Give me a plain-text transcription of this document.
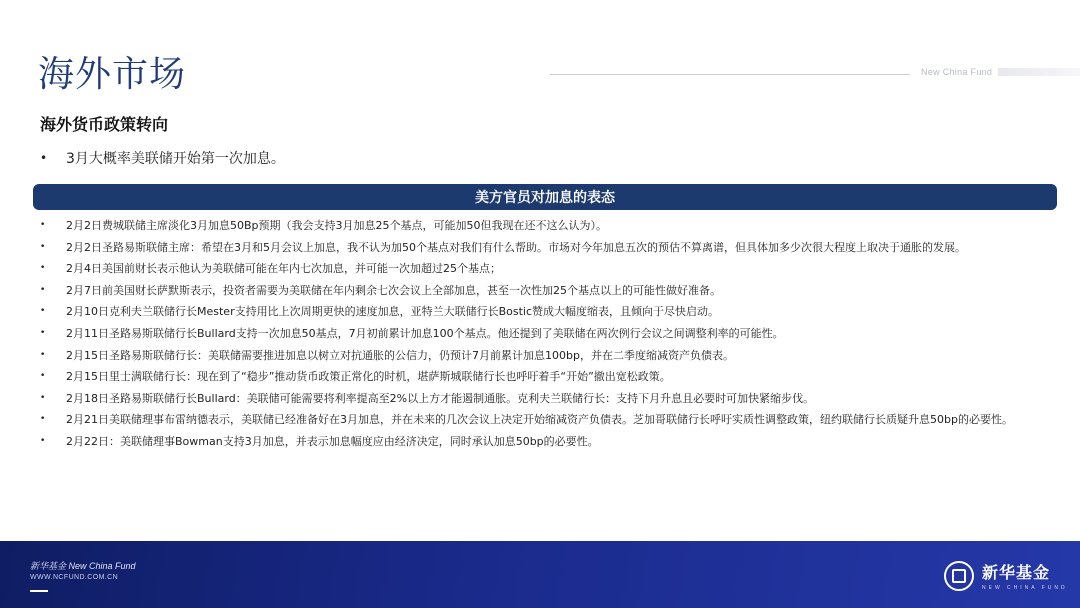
海外市场	New China Fund
海外货币政策转向
•	3月大概率美联储开始第一次加息。
美方官员对加息的表态
•	2月2日费城联储主席淡化3月加息50Bp预期（我会支持3月加息25个基点，可能加50但我现在还不这么认为）。
•	2月2日圣路易斯联储主席：希望在3月和5月会议上加息，我不认为加50个基点对我们有什么帮助。市场对今年加息五次的预估不算离谱，但具体加多少次很大程度上取决于通胀的发展。
•	2月4日美国前财长表示他认为美联储可能在年内七次加息，并可能一次加超过25个基点；
•	2月7日前美国财长萨默斯表示，投资者需要为美联储在年内剩余七次会议上全部加息，甚至一次性加25个基点以上的可能性做好准备。
•	2月10日克利夫兰联储行长Mester支持用比上次周期更快的速度加息，亚特兰大联储行长Bostic赞成大幅度缩表，且倾向于尽快启动。
•	2月11日圣路易斯联储行长Bullard支持一次加息50基点，7月初前累计加息100个基点。他还提到了美联储在两次例行会议之间调整利率的可能性。
•	2月15日圣路易斯联储行长：美联储需要推进加息以树立对抗通胀的公信力，仍预计7月前累计加息100bp，并在二季度缩减资产负债表。
•	2月15日里士满联储行长：现在到了“稳步”推动货币政策正常化的时机，堪萨斯城联储行长也呼吁着手“开始”撤出宽松政策。
•	2月18日圣路易斯联储行长Bullard：美联储可能需要将利率提高至2%以上方才能遏制通胀。克利夫兰联储行长：支持下月升息且必要时可加快紧缩步伐。
•	2月21日美联储理事布雷纳德表示，美联储已经准备好在3月加息，并在未来的几次会议上决定开始缩减资产负债表。芝加哥联储行长呼吁实质性调整政策，纽约联储行长质疑升息50bp的必要性。
•	2月22日：美联储理事Bowman支持3月加息，并表示加息幅度应由经济决定，同时承认加息50bp的必要性。
新华基金 New China Fund
WWW.NCFUND.COM.CN	新华基金
NEW CHINA FUND
